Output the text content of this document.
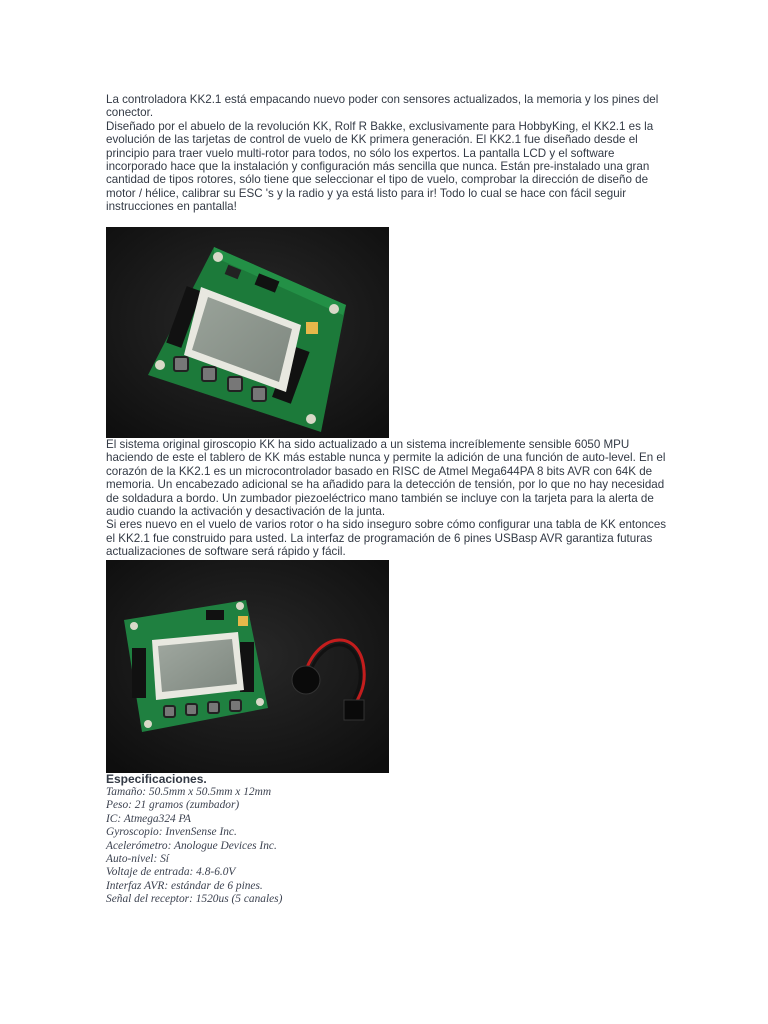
La controladora KK2.1 está empacando nuevo poder con sensores actualizados, la memoria y los pines del
conector.
Diseñado por el abuelo de la revolución KK, Rolf R Bakke, exclusivamente para HobbyKing, el KK2.1 es la
evolución de las tarjetas de control de vuelo de KK primera generación. El KK2.1 fue diseñado desde el
principio para traer vuelo multi-rotor para todos, no sólo los expertos. La pantalla LCD y el software
incorporado hace que la instalación y configuración más sencilla que nunca. Están pre-instalado una gran
cantidad de tipos rotores, sólo tiene que seleccionar el tipo de vuelo, comprobar la dirección de diseño de
motor / hélice, calibrar su ESC 's y la radio y ya está listo para ir! Todo lo cual se hace con fácil seguir
instrucciones en pantalla!
El sistema original giroscopio KK ha sido actualizado a un sistema increíblemente sensible 6050 MPU
haciendo de este el tablero de KK más estable nunca y permite la adición de una función de auto-level. En el
corazón de la KK2.1 es un microcontrolador basado en RISC de Atmel Mega644PA 8 bits AVR con 64K de
memoria. Un encabezado adicional se ha añadido para la detección de tensión, por lo que no hay necesidad
de soldadura a bordo. Un zumbador piezoeléctrico mano también se incluye con la tarjeta para la alerta de
audio cuando la activación y desactivación de la junta.
Si eres nuevo en el vuelo de varios rotor o ha sido inseguro sobre cómo configurar una tabla de KK entonces
el KK2.1 fue construido para usted. La interfaz de programación de 6 pines USBasp AVR garantiza futuras
actualizaciones de software será rápido y fácil.
Especificaciones.
Tamaño: 50.5mm x 50.5mm x 12mm
Peso: 21 gramos (zumbador)
IC: Atmega324 PA
Gyroscopio: InvenSense Inc.
Acelerómetro: Anologue Devices Inc.
Auto-nivel: Sí
Voltaje de entrada: 4.8-6.0V
Interfaz AVR: estándar de 6 pines.
Señal del receptor: 1520us (5 canales)
